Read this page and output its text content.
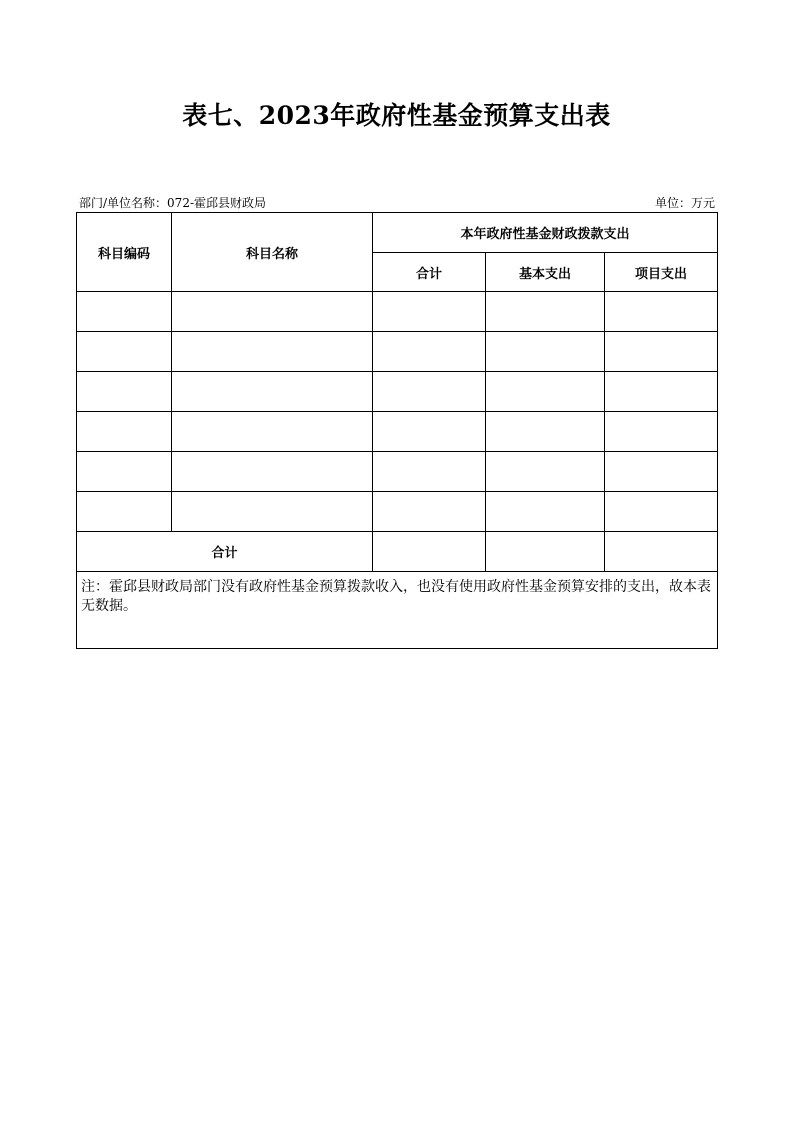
表七、2023年政府性基金预算支出表
部门/单位名称：072-霍邱县财政局	单位：万元
科目编码	科目名称	本年政府性基金财政拨款支出		
		合计	基本支出	项目支出

合计				
注：霍邱县财政局部门没有政府性基金预算拨款收入，也没有使用政府性基金预算安排的支出，故本表无数据。				
